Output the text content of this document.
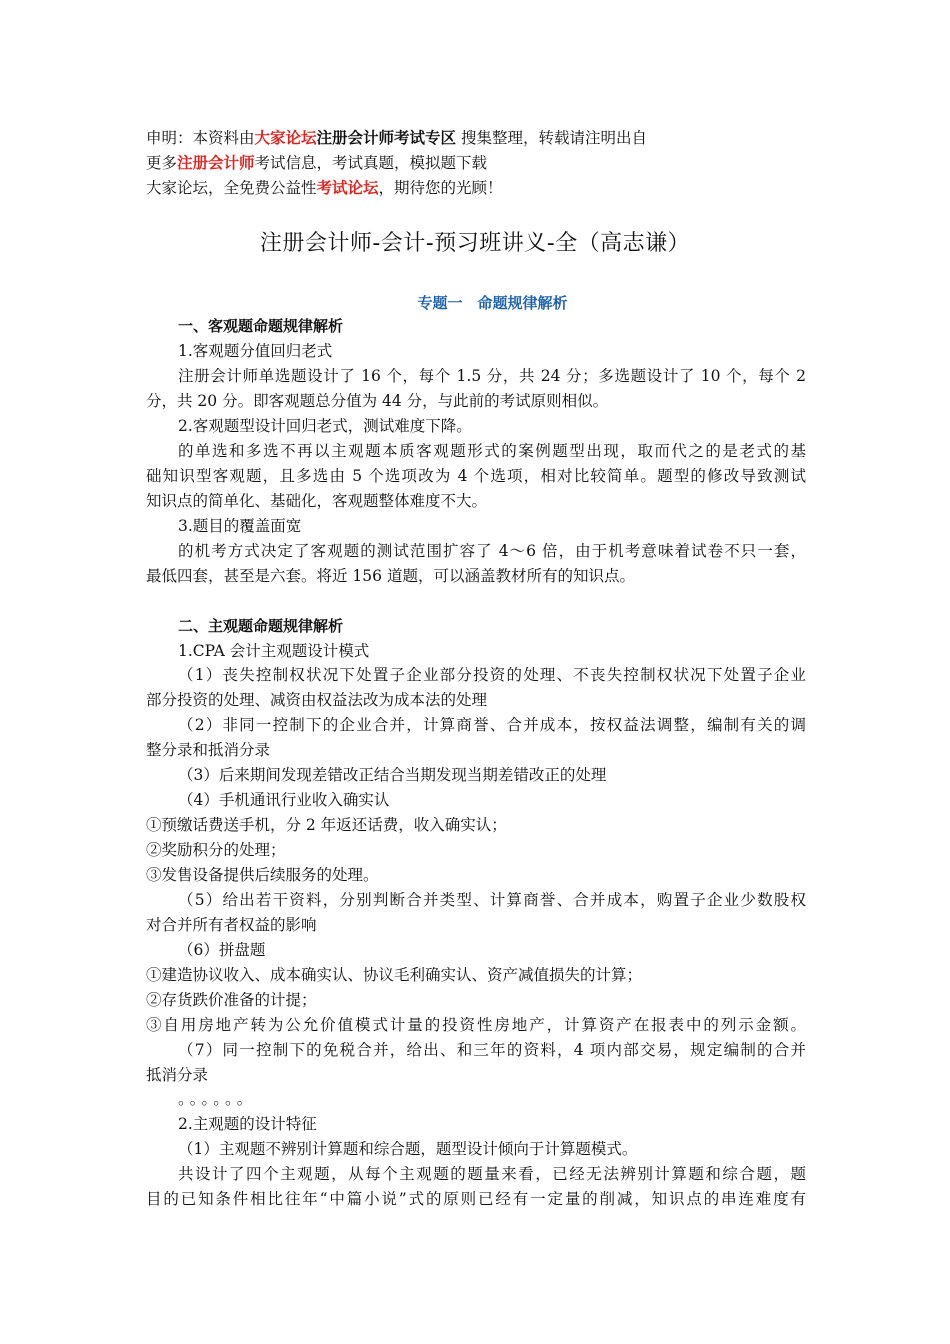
申明：本资料由大家论坛注册会计师考试专区 搜集整理，转载请注明出自
更多注册会计师考试信息，考试真题，模拟题下载
大家论坛，全免费公益性考试论坛，期待您的光顾！
注册会计师-会计-预习班讲义-全（高志谦）
专题一　命题规律解析
一、客观题命题规律解析
1.客观题分值回归老式
注册会计师单选题设计了 16 个，每个 1.5 分，共 24 分；多选题设计了 10 个，每个 2
分，共 20 分。即客观题总分值为 44 分，与此前的考试原则相似。
2.客观题型设计回归老式，测试难度下降。
的单选和多选不再以主观题本质客观题形式的案例题型出现，取而代之的是老式的基
础知识型客观题，且多选由 5 个选项改为 4 个选项，相对比较简单。题型的修改导致测试
知识点的简单化、基础化，客观题整体难度不大。
3.题目的覆盖面宽
的机考方式决定了客观题的测试范围扩容了 4～6 倍，由于机考意味着试卷不只一套，
最低四套，甚至是六套。将近 156 道题，可以涵盖教材所有的知识点。
二、主观题命题规律解析
1.CPA 会计主观题设计模式
（1）丧失控制权状况下处置子企业部分投资的处理、不丧失控制权状况下处置子企业
部分投资的处理、减资由权益法改为成本法的处理
（2）非同一控制下的企业合并，计算商誉、合并成本，按权益法调整，编制有关的调
整分录和抵消分录
（3）后来期间发现差错改正结合当期发现当期差错改正的处理
（4）手机通讯行业收入确实认
①预缴话费送手机，分 2 年返还话费，收入确实认；
②奖励积分的处理；
③发售设备提供后续服务的处理。
（5）给出若干资料，分别判断合并类型、计算商誉、合并成本，购置子企业少数股权
对合并所有者权益的影响
（6）拼盘题
①建造协议收入、成本确实认、协议毛利确实认、资产减值损失的计算；
②存货跌价准备的计提；
③自用房地产转为公允价值模式计量的投资性房地产，计算资产在报表中的列示金额。
（7）同一控制下的免税合并，给出、和三年的资料，4 项内部交易，规定编制的合并
抵消分录
。。。。。。
2.主观题的设计特征
（1）主观题不辨别计算题和综合题，题型设计倾向于计算题模式。
共设计了四个主观题，从每个主观题的题量来看，已经无法辨别计算题和综合题，题
目的已知条件相比往年“中篇小说”式的原则已经有一定量的削减，知识点的串连难度有
